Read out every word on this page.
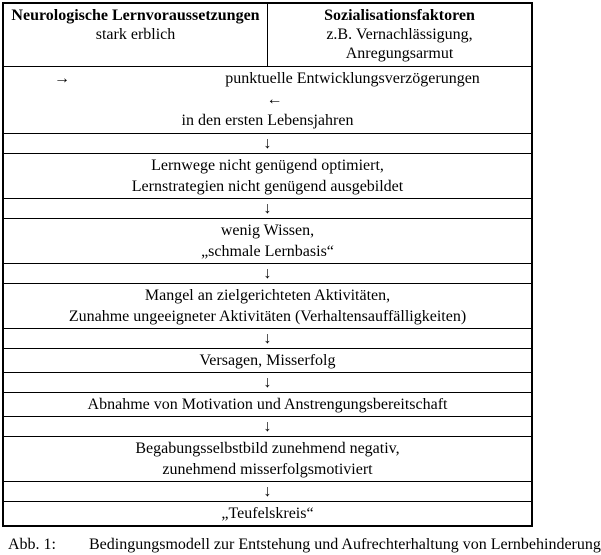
Neurologische Lernvoraussetzungen
stark erblich
Sozialisationsfaktoren
z.B. Vernachlässigung,
Anregungsarmut
→	punktuelle Entwicklungsverzögerungen
←
in den ersten Lebensjahren
↓
Lernwege nicht genügend optimiert,
Lernstrategien nicht genügend ausgebildet
↓
wenig Wissen,
„schmale Lernbasis“
↓
Mangel an zielgerichteten Aktivitäten,
Zunahme ungeeigneter Aktivitäten (Verhaltensauffälligkeiten)
↓
Versagen, Misserfolg
↓
Abnahme von Motivation und Anstrengungsbereitschaft
↓
Begabungsselbstbild zunehmend negativ,
zunehmend misserfolgsmotiviert
↓
„Teufelskreis“
Abb. 1: Bedingungsmodell zur Entstehung und Aufrechterhaltung von Lernbehinderung
